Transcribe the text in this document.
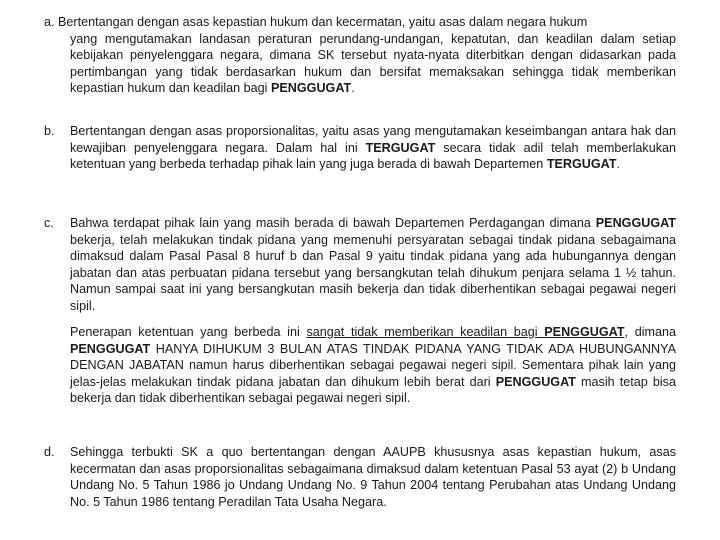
a. Bertentangan dengan asas kepastian hukum dan kecermatan, yaitu asas dalam negara hukum

yang mengutamakan landasan peraturan perundang-undangan, kepatutan, dan keadilan dalam setiap kebijakan penyelenggara negara, dimana SK tersebut nyata-nyata diterbitkan dengan didasarkan pada pertimbangan yang tidak berdasarkan hukum dan bersifat memaksakan sehingga tidak memberikan kepastian hukum dan keadilan bagi PENGGUGAT.

b. Bertentangan dengan asas proporsionalitas, yaitu asas yang mengutamakan keseimbangan antara hak dan kewajiban penyelenggara negara. Dalam hal ini TERGUGAT secara tidak adil telah memberlakukan ketentuan yang berbeda terhadap pihak lain yang juga berada di bawah Departemen TERGUGAT.

c. Bahwa terdapat pihak lain yang masih berada di bawah Departemen Perdagangan dimana PENGGUGAT bekerja, telah melakukan tindak pidana yang memenuhi persyaratan sebagai tindak pidana sebagaimana dimaksud dalam Pasal Pasal 8 huruf b dan Pasal 9 yaitu tindak pidana yang ada hubungannya dengan jabatan dan atas perbuatan pidana tersebut yang bersangkutan telah dihukum penjara selama 1 ½ tahun. Namun sampai saat ini yang bersangkutan masih bekerja dan tidak diberhentikan sebagai pegawai negeri sipil.

Penerapan ketentuan yang berbeda ini sangat tidak memberikan keadilan bagi PENGGUGAT, dimana PENGGUGAT HANYA DIHUKUM 3 BULAN ATAS TINDAK PIDANA YANG TIDAK ADA HUBUNGANNYA DENGAN JABATAN namun harus diberhentikan sebagai pegawai negeri sipil. Sementara pihak lain yang jelas-jelas melakukan tindak pidana jabatan dan dihukum lebih berat dari PENGGUGAT masih tetap bisa bekerja dan tidak diberhentikan sebagai pegawai negeri sipil.

d. Sehingga terbukti SK a quo bertentangan dengan AAUPB khususnya asas kepastian hukum, asas kecermatan dan asas proporsionalitas sebagaimana dimaksud dalam ketentuan Pasal 53 ayat (2) b Undang Undang No. 5 Tahun 1986 jo Undang Undang No. 9 Tahun 2004 tentang Perubahan atas Undang Undang No. 5 Tahun 1986 tentang Peradilan Tata Usaha Negara.
